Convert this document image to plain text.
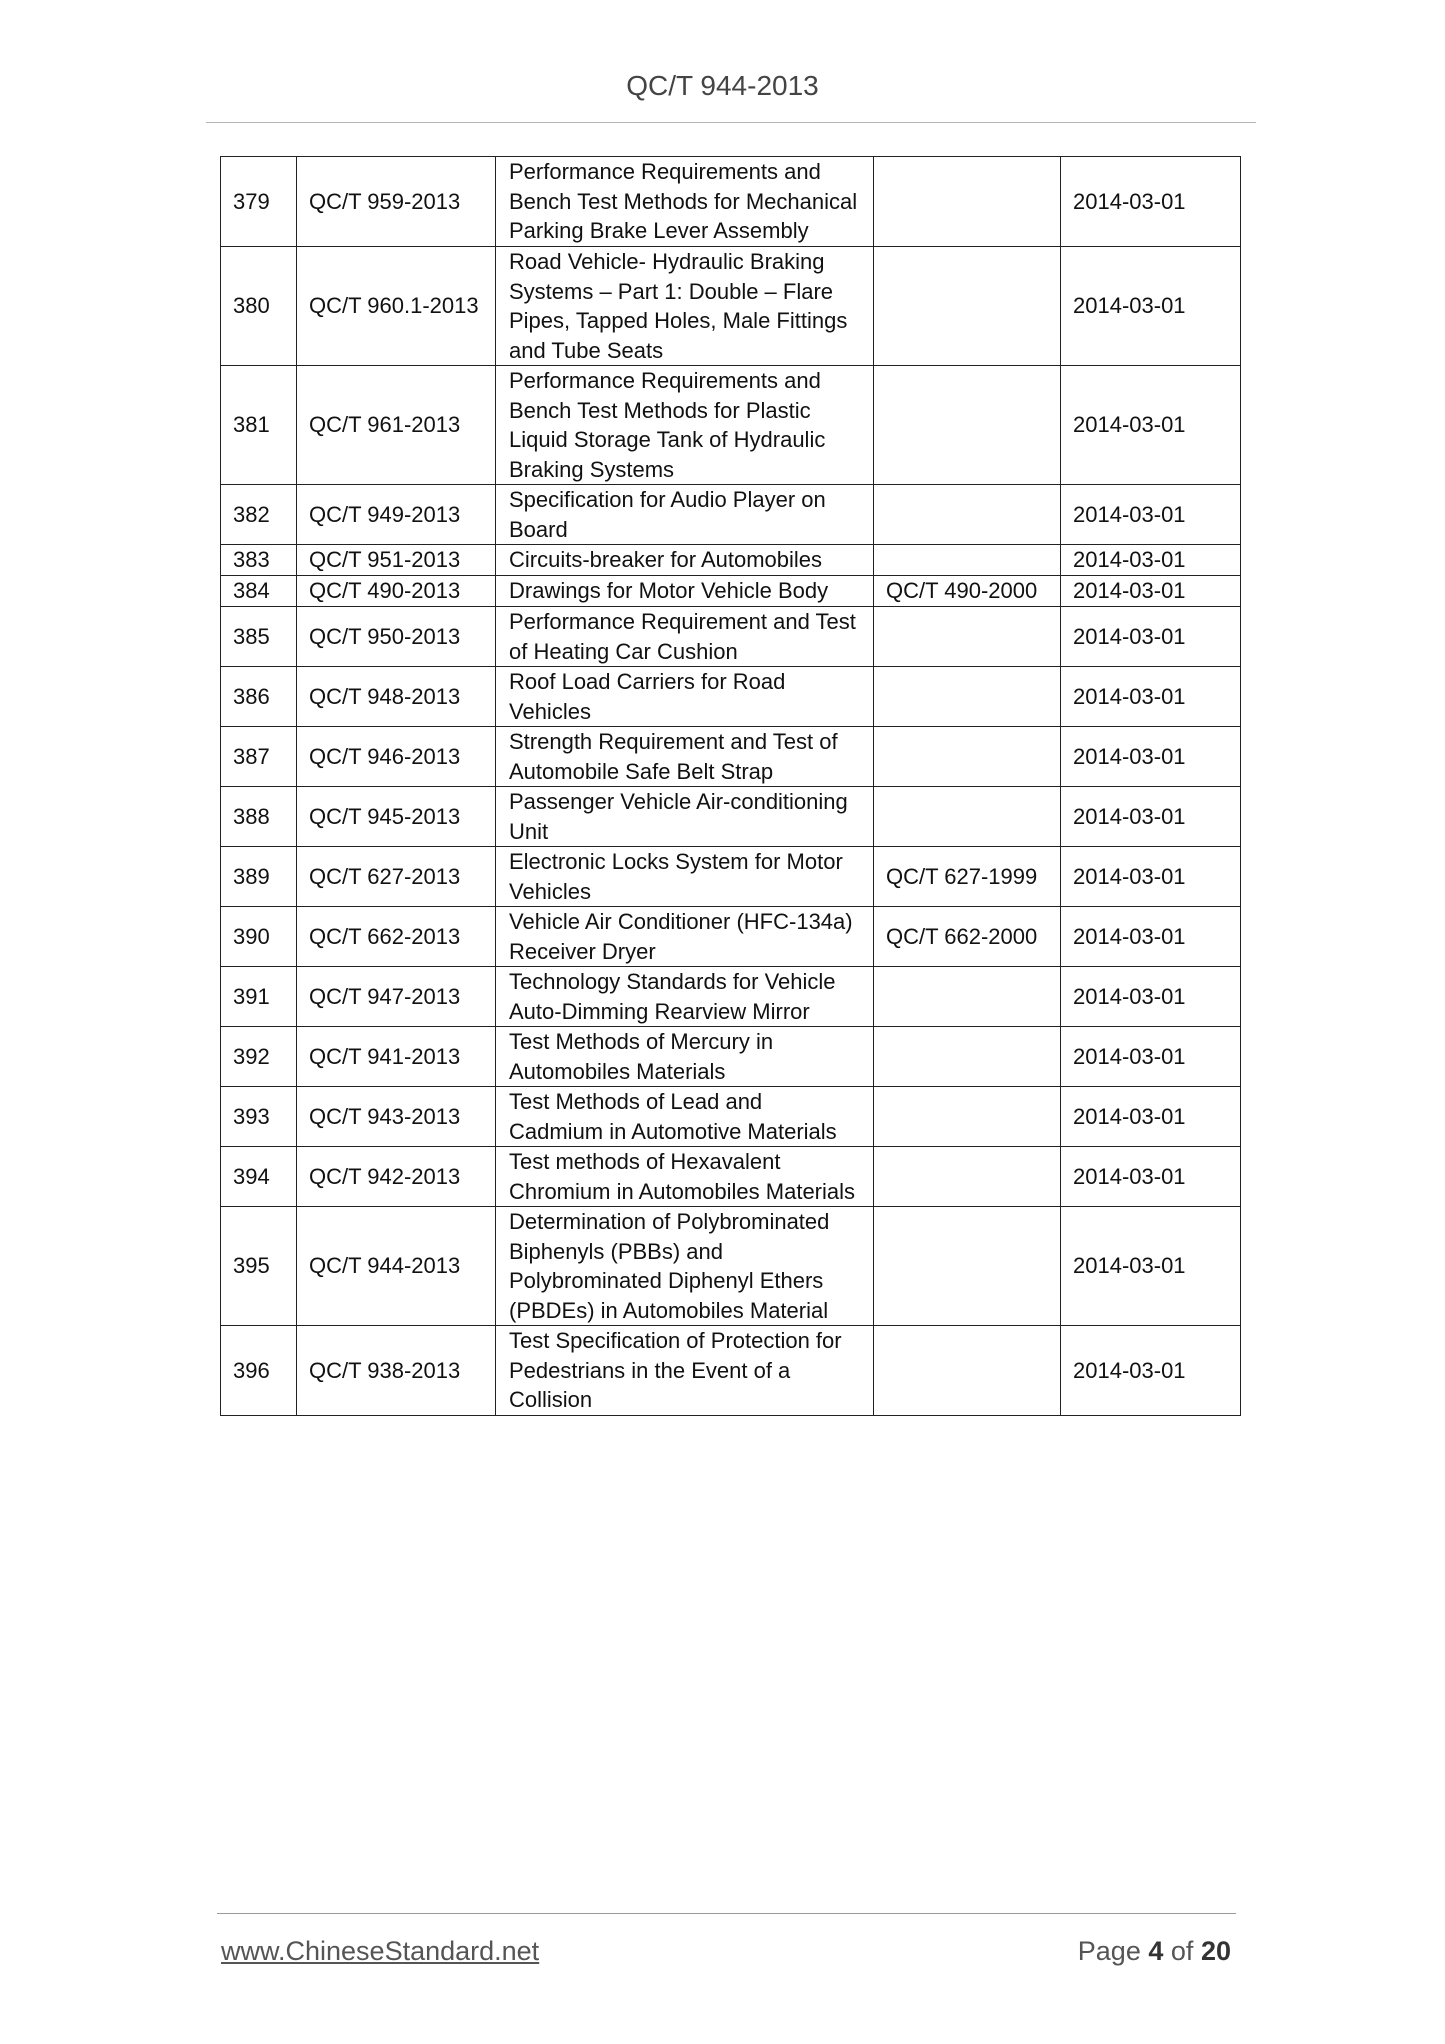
QC/T 944-2013
379	QC/T 959-2013	Performance Requirements and Bench Test Methods for Mechanical Parking Brake Lever Assembly		2014-03-01
380	QC/T 960.1-2013	Road Vehicle- Hydraulic Braking Systems – Part 1: Double – Flare Pipes, Tapped Holes, Male Fittings and Tube Seats		2014-03-01
381	QC/T 961-2013	Performance Requirements and Bench Test Methods for Plastic Liquid Storage Tank of Hydraulic Braking Systems		2014-03-01
382	QC/T 949-2013	Specification for Audio Player on Board		2014-03-01
383	QC/T 951-2013	Circuits-breaker for Automobiles		2014-03-01
384	QC/T 490-2013	Drawings for Motor Vehicle Body	QC/T 490-2000	2014-03-01
385	QC/T 950-2013	Performance Requirement and Test of Heating Car Cushion		2014-03-01
386	QC/T 948-2013	Roof Load Carriers for Road Vehicles		2014-03-01
387	QC/T 946-2013	Strength Requirement and Test of Automobile Safe Belt Strap		2014-03-01
388	QC/T 945-2013	Passenger Vehicle Air-conditioning Unit		2014-03-01
389	QC/T 627-2013	Electronic Locks System for Motor Vehicles	QC/T 627-1999	2014-03-01
390	QC/T 662-2013	Vehicle Air Conditioner (HFC-134a) Receiver Dryer	QC/T 662-2000	2014-03-01
391	QC/T 947-2013	Technology Standards for Vehicle Auto-Dimming Rearview Mirror		2014-03-01
392	QC/T 941-2013	Test Methods of Mercury in Automobiles Materials		2014-03-01
393	QC/T 943-2013	Test Methods of Lead and Cadmium in Automotive Materials		2014-03-01
394	QC/T 942-2013	Test methods of Hexavalent Chromium in Automobiles Materials		2014-03-01
395	QC/T 944-2013	Determination of Polybrominated Biphenyls (PBBs) and Polybrominated Diphenyl Ethers (PBDEs) in Automobiles Material		2014-03-01
396	QC/T 938-2013	Test Specification of Protection for Pedestrians in the Event of a Collision		2014-03-01
www.ChineseStandard.net	Page 4 of 20
